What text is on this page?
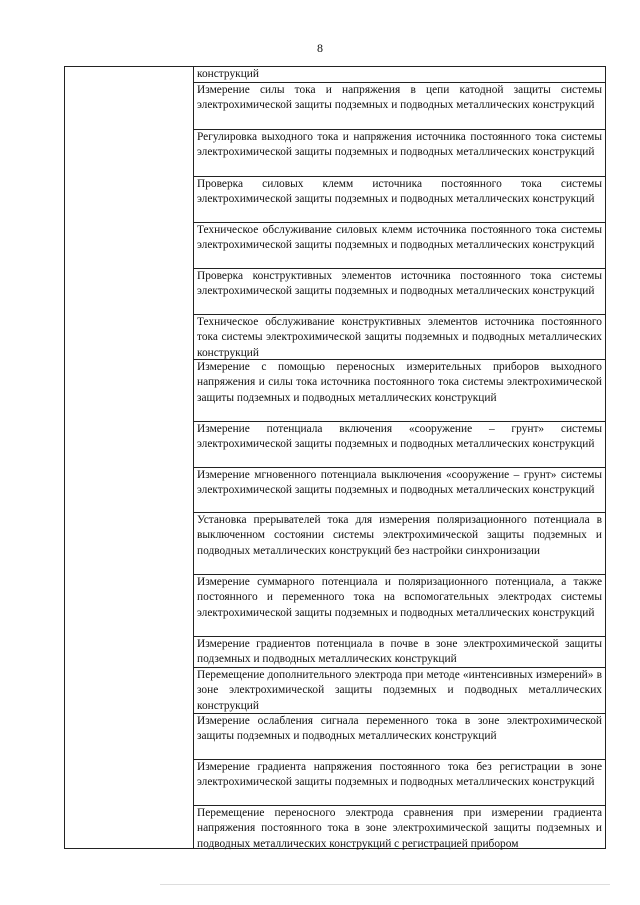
8
конструкций
Измерение силы тока и напряжения в цепи катодной защиты системы электрохимической защиты подземных и подводных металлических конструкций
Регулировка выходного тока и напряжения источника постоянного тока системы электрохимической защиты подземных и подводных металлических конструкций
Проверка силовых клемм источника постоянного тока системы электрохимической защиты подземных и подводных металлических конструкций
Техническое обслуживание силовых клемм источника постоянного тока системы электрохимической защиты подземных и подводных металлических конструкций
Проверка конструктивных элементов источника постоянного тока системы электрохимической защиты подземных и подводных металлических конструкций
Техническое обслуживание конструктивных элементов источника постоянного тока системы электрохимической защиты подземных и подводных металлических конструкций
Измерение с помощью переносных измерительных приборов выходного напряжения и силы тока источника постоянного тока системы электрохимической защиты подземных и подводных металлических конструкций
Измерение потенциала включения «сооружение – грунт» системы электрохимической защиты подземных и подводных металлических конструкций
Измерение мгновенного потенциала выключения «сооружение – грунт» системы электрохимической защиты подземных и подводных металлических конструкций
Установка прерывателей тока для измерения поляризационного потенциала в выключенном состоянии системы электрохимической защиты подземных и подводных металлических конструкций без настройки синхронизации
Измерение суммарного потенциала и поляризационного потенциала, а также постоянного и переменного тока на вспомогательных электродах системы электрохимической защиты подземных и подводных металлических конструкций
Измерение градиентов потенциала в почве в зоне электрохимической защиты подземных и подводных металлических конструкций
Перемещение дополнительного электрода при методе «интенсивных измерений» в зоне электрохимической защиты подземных и подводных металлических конструкций
Измерение ослабления сигнала переменного тока в зоне электрохимической защиты подземных и подводных металлических конструкций
Измерение градиента напряжения постоянного тока без регистрации в зоне электрохимической защиты подземных и подводных металлических конструкций
Перемещение переносного электрода сравнения при измерении градиента напряжения постоянного тока в зоне электрохимической защиты подземных и подводных металлических конструкций с регистрацией прибором
